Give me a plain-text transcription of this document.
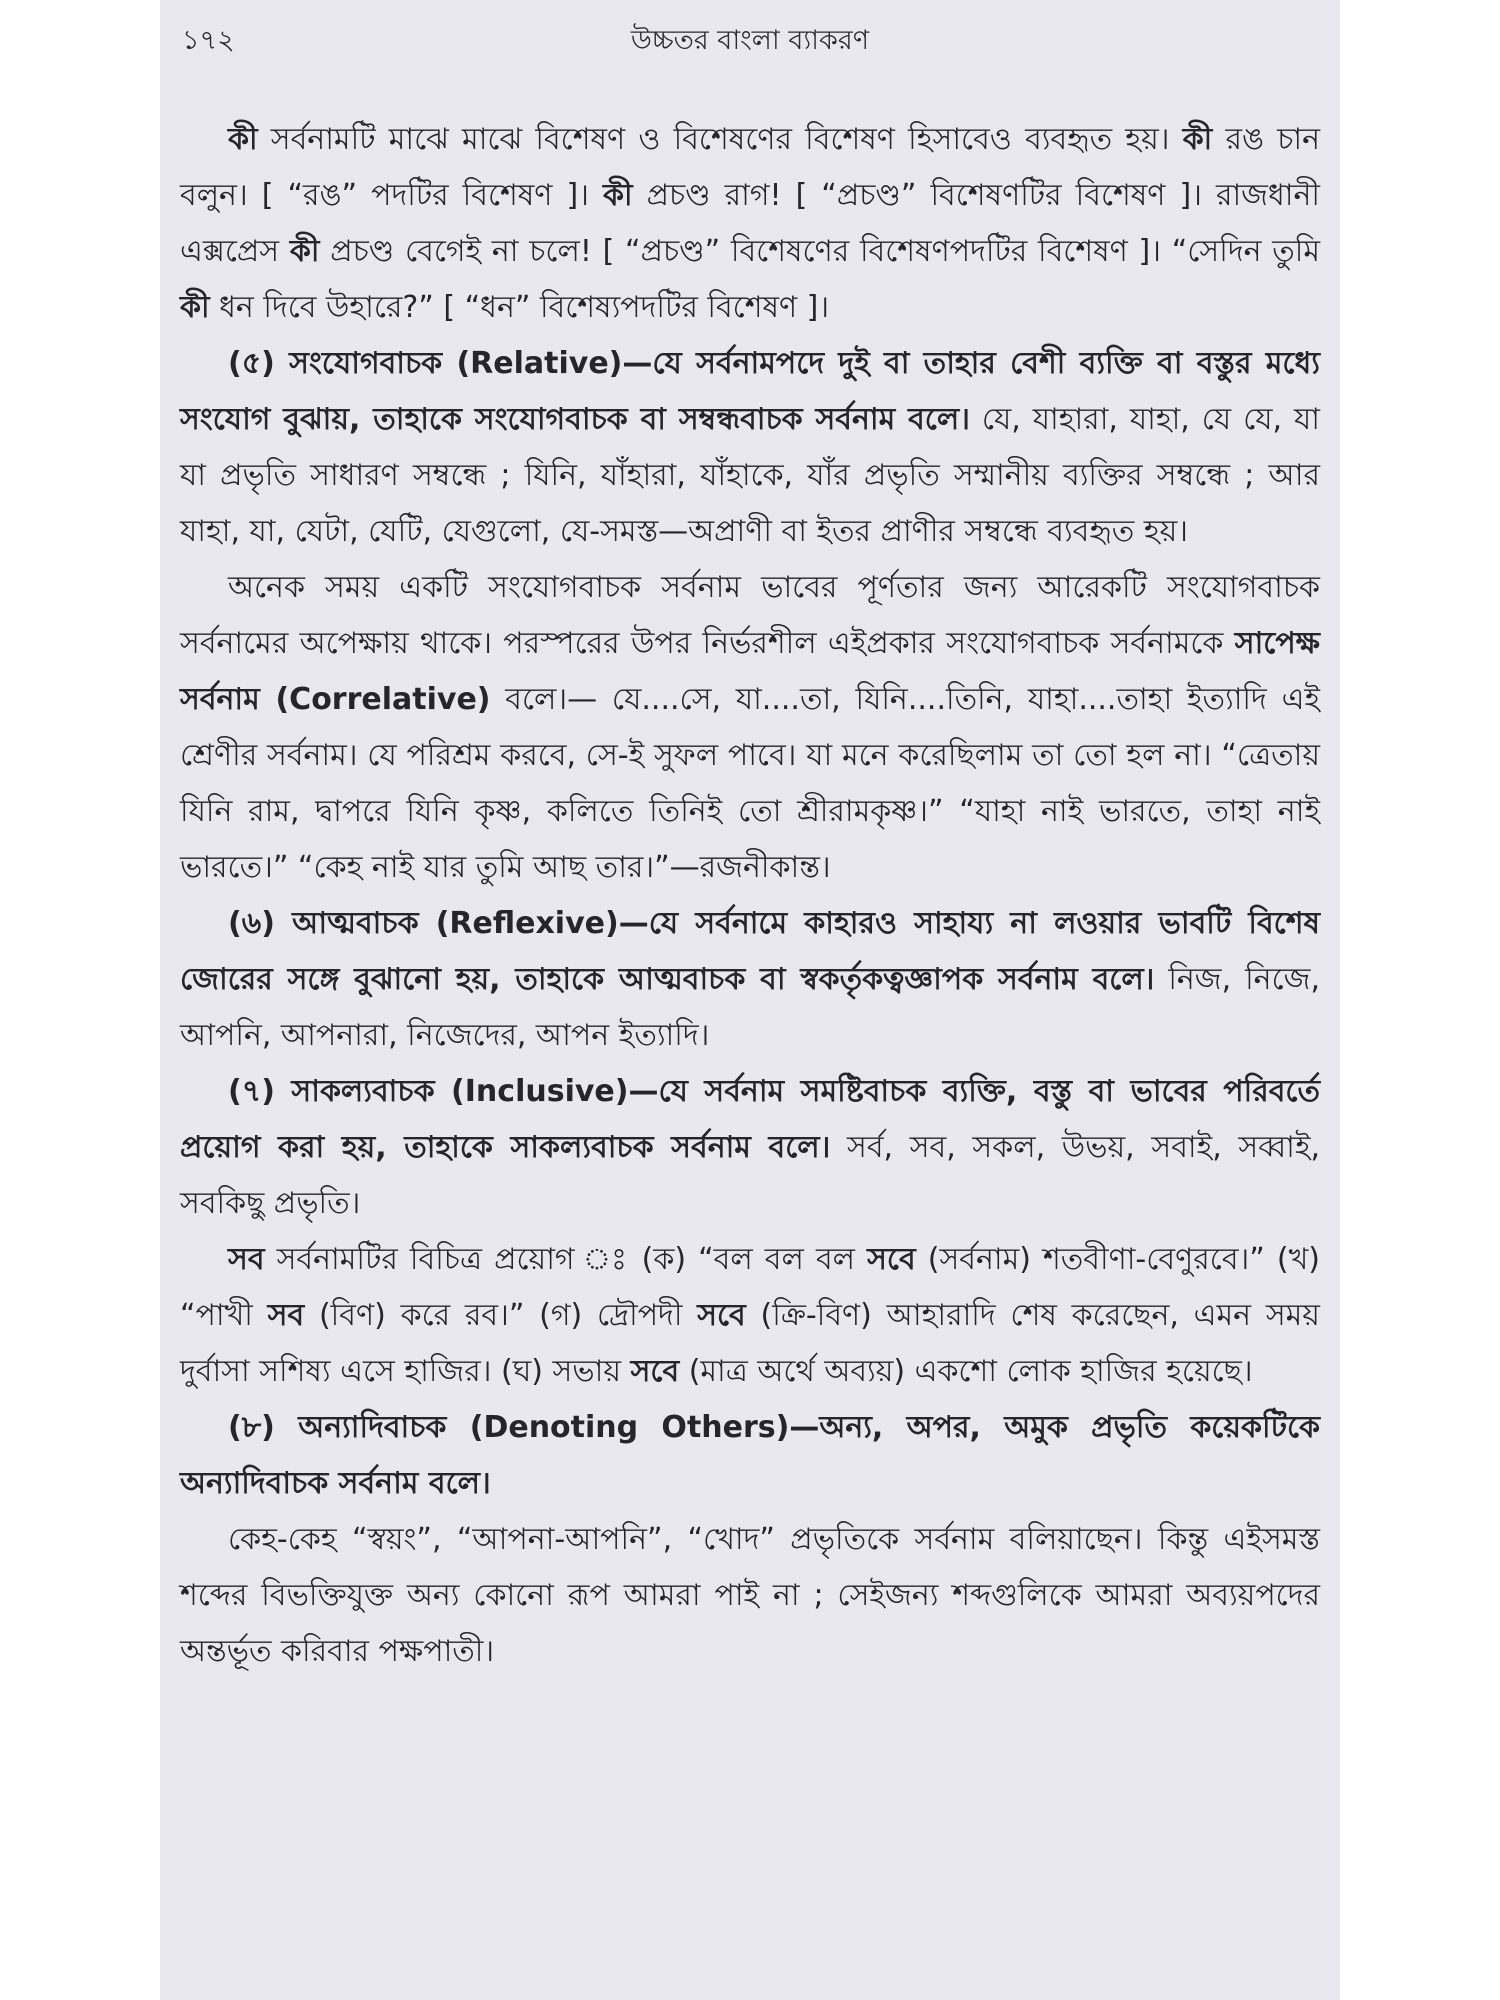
১৭২	উচ্চতর বাংলা ব্যাকরণ

কী সর্বনামটি মাঝে মাঝে বিশেষণ ও বিশেষণের বিশেষণ হিসাবেও ব্যবহৃত হয়। কী রঙ চান বলুন। [ “রঙ” পদটির বিশেষণ ]। কী প্রচণ্ড রাগ! [ “প্রচণ্ড” বিশেষণটির বিশেষণ ]। রাজধানী এক্সপ্রেস কী প্রচণ্ড বেগেই না চলে! [ “প্রচণ্ড” বিশেষণের বিশেষণপদটির বিশেষণ ]। “সেদিন তুমি কী ধন দিবে উহারে?” [ “ধন” বিশেষ্যপদটির বিশেষণ ]।

(৫) সংযোগবাচক (Relative)—যে সর্বনামপদে দুই বা তাহার বেশী ব্যক্তি বা বস্তুর মধ্যে সংযোগ বুঝায়, তাহাকে সংযোগবাচক বা সম্বন্ধবাচক সর্বনাম বলে। যে, যাহারা, যাহা, যে যে, যা যা প্রভৃতি সাধারণ সম্বন্ধে ; যিনি, যাঁহারা, যাঁহাকে, যাঁর প্রভৃতি সম্মানীয় ব্যক্তির সম্বন্ধে ; আর যাহা, যা, যেটা, যেটি, যেগুলো, যে-সমস্ত—অপ্রাণী বা ইতর প্রাণীর সম্বন্ধে ব্যবহৃত হয়।

অনেক সময় একটি সংযোগবাচক সর্বনাম ভাবের পূর্ণতার জন্য আরেকটি সংযোগবাচক সর্বনামের অপেক্ষায় থাকে। পরস্পরের উপর নির্ভরশীল এইপ্রকার সংযোগবাচক সর্বনামকে সাপেক্ষ সর্বনাম (Correlative) বলে।— যে....সে, যা....তা, যিনি....তিনি, যাহা....তাহা ইত্যাদি এই শ্রেণীর সর্বনাম। যে পরিশ্রম করবে, সে-ই সুফল পাবে। যা মনে করেছিলাম তা তো হল না। “ত্রেতায় যিনি রাম, দ্বাপরে যিনি কৃষ্ণ, কলিতে তিনিই তো শ্রীরামকৃষ্ণ।” “যাহা নাই ভারতে, তাহা নাই ভারতে।” “কেহ নাই যার তুমি আছ তার।”—রজনীকান্ত।

(৬) আত্মবাচক (Reflexive)—যে সর্বনামে কাহারও সাহায্য না লওয়ার ভাবটি বিশেষ জোরের সঙ্গে বুঝানো হয়, তাহাকে আত্মবাচক বা স্বকর্তৃকত্বজ্ঞাপক সর্বনাম বলে। নিজ, নিজে, আপনি, আপনারা, নিজেদের, আপন ইত্যাদি।

(৭) সাকল্যবাচক (Inclusive)—যে সর্বনাম সমষ্টিবাচক ব্যক্তি, বস্তু বা ভাবের পরিবর্তে প্রয়োগ করা হয়, তাহাকে সাকল্যবাচক সর্বনাম বলে। সর্ব, সব, সকল, উভয়, সবাই, সব্বাই, সবকিছু প্রভৃতি।

সব সর্বনামটির বিচিত্র প্রয়োগ ঃ (ক) “বল বল বল সবে (সর্বনাম) শতবীণা-বেণুরবে।” (খ) “পাখী সব (বিণ) করে রব।” (গ) দ্রৌপদী সবে (ক্রি-বিণ) আহারাদি শেষ করেছেন, এমন সময় দুর্বাসা সশিষ্য এসে হাজির। (ঘ) সভায় সবে (মাত্র অর্থে অব্যয়) একশো লোক হাজির হয়েছে।

(৮) অন্যাদিবাচক (Denoting Others)—অন্য, অপর, অমুক প্রভৃতি কয়েকটিকে অন্যাদিবাচক সর্বনাম বলে।

কেহ-কেহ “স্বয়ং”, “আপনা-আপনি”, “খোদ” প্রভৃতিকে সর্বনাম বলিয়াছেন। কিন্তু এইসমস্ত শব্দের বিভক্তিযুক্ত অন্য কোনো রূপ আমরা পাই না ; সেইজন্য শব্দগুলিকে আমরা অব্যয়পদের অন্তর্ভূত করিবার পক্ষপাতী।
